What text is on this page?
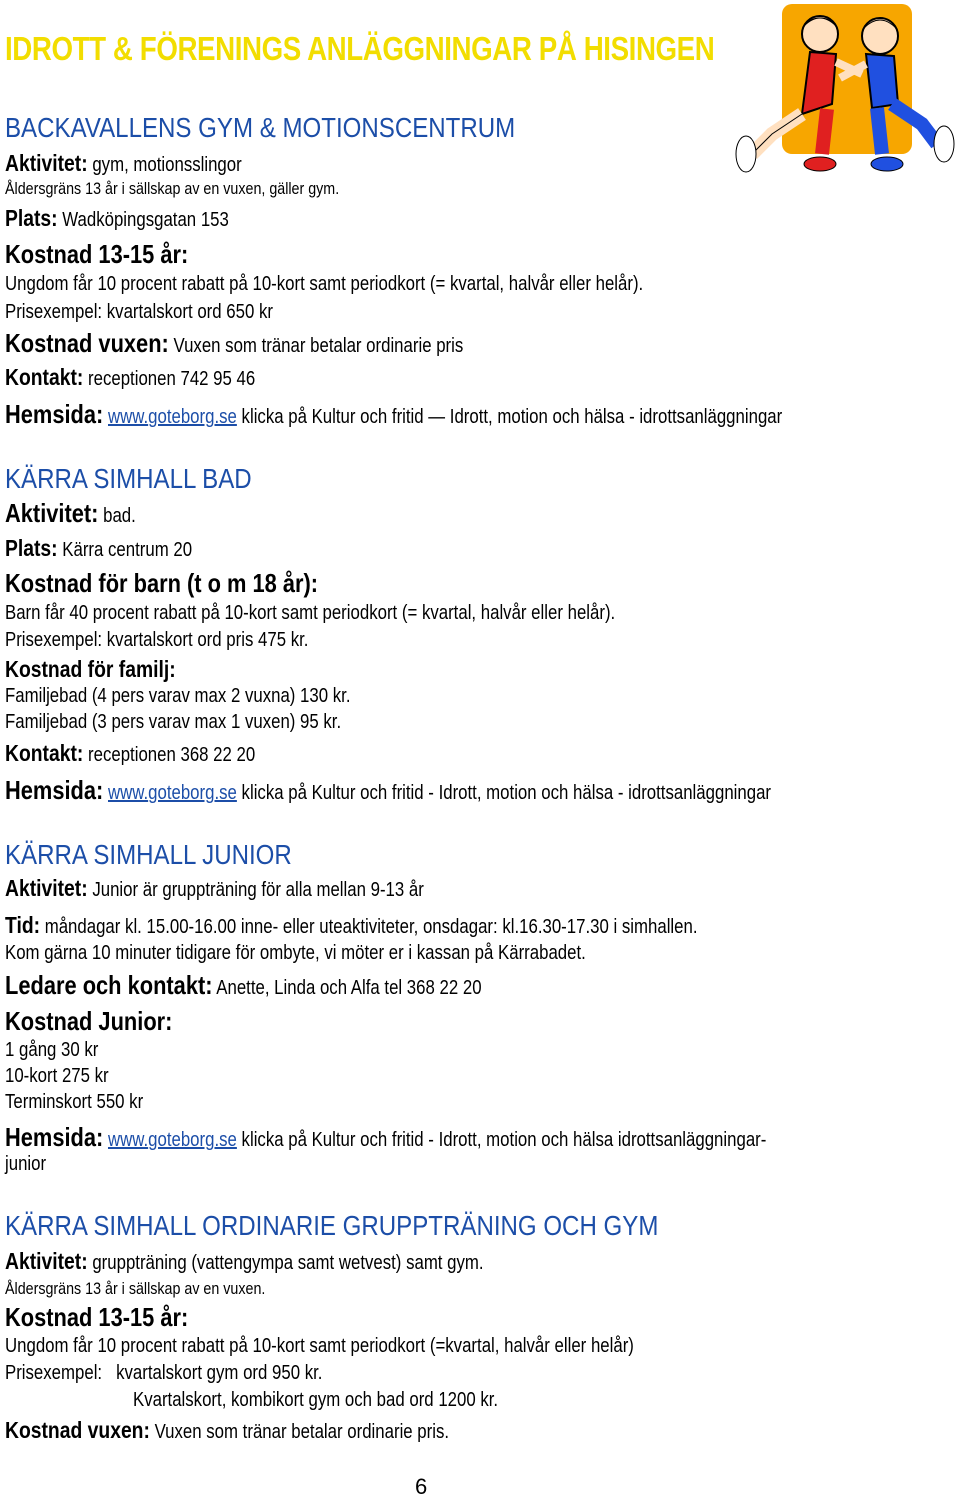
IDROTT & FÖRENINGS ANLÄGGNINGAR PÅ HISINGEN
BACKAVALLENS GYM & MOTIONSCENTRUM
Aktivitet: gym, motionsslingor
Åldersgräns 13 år i sällskap av en vuxen, gäller gym.
Plats: Wadköpingsgatan 153
Kostnad 13-15 år:
Ungdom får 10 procent rabatt på 10-kort samt periodkort (= kvartal, halvår eller helår).
Prisexempel: kvartalskort ord 650 kr
Kostnad vuxen: Vuxen som tränar betalar ordinarie pris
Kontakt: receptionen 742 95 46
Hemsida: www.goteborg.se klicka på Kultur och fritid — Idrott, motion och hälsa - idrottsanläggningar
KÄRRA SIMHALL BAD
Aktivitet: bad.
Plats: Kärra centrum 20
Kostnad för barn (t o m 18 år):
Barn får 40 procent rabatt på 10-kort samt periodkort (= kvartal, halvår eller helår).
Prisexempel: kvartalskort ord pris 475 kr.
Kostnad för familj:
Familjebad (4 pers varav max 2 vuxna) 130 kr.
Familjebad (3 pers varav max 1 vuxen) 95 kr.
Kontakt: receptionen 368 22 20
Hemsida: www.goteborg.se klicka på Kultur och fritid - Idrott, motion och hälsa - idrottsanläggningar
KÄRRA SIMHALL JUNIOR
Aktivitet: Junior är gruppträning för alla mellan 9-13 år
Tid: måndagar kl. 15.00-16.00 inne- eller uteaktiviteter, onsdagar: kl.16.30-17.30 i simhallen.
Kom gärna 10 minuter tidigare för ombyte, vi möter er i kassan på Kärrabadet.
Ledare och kontakt: Anette, Linda och Alfa tel 368 22 20
Kostnad Junior:
1 gång 30 kr
10-kort 275 kr
Terminskort 550 kr
Hemsida: www.goteborg.se klicka på Kultur och fritid - Idrott, motion och hälsa idrottsanläggningar-
junior
KÄRRA SIMHALL ORDINARIE GRUPPTRÄNING OCH GYM
Aktivitet: gruppträning (vattengympa samt wetvest) samt gym.
Åldersgräns 13 år i sällskap av en vuxen.
Kostnad 13-15 år:
Ungdom får 10 procent rabatt på 10-kort samt periodkort (=kvartal, halvår eller helår)
Prisexempel: kvartalskort gym ord 950 kr.
Kvartalskort, kombikort gym och bad ord 1200 kr.
Kostnad vuxen: Vuxen som tränar betalar ordinarie pris.
6
